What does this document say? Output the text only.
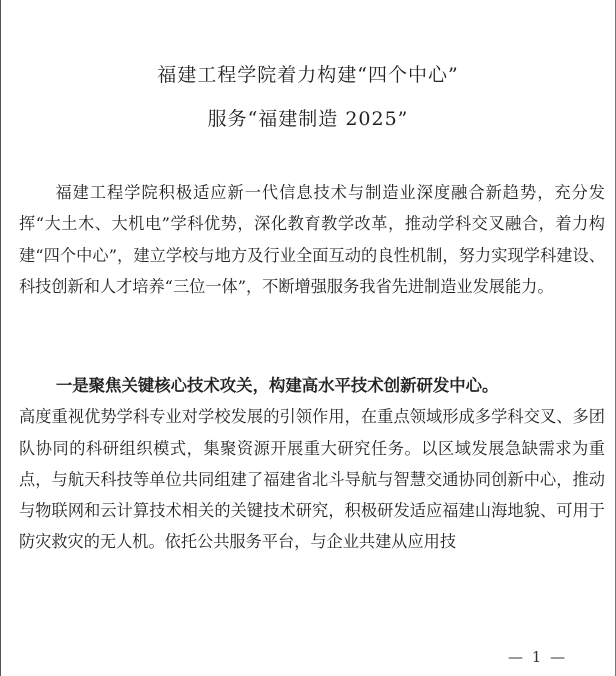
福建工程学院着力构建“四个中心”
服务“福建制造 2025”

福建工程学院积极适应新一代信息技术与制造业深度融合新趋势，充分发挥“大土木、大机电”学科优势，深化教育教学改革，推动学科交叉融合，着力构建“四个中心”，建立学校与地方及行业全面互动的良性机制，努力实现学科建设、科技创新和人才培养“三位一体”，不断增强服务我省先进制造业发展能力。

一是聚焦关键核心技术攻关，构建高水平技术创新研发中心。

高度重视优势学科专业对学校发展的引领作用，在重点领域形成多学科交叉、多团队协同的科研组织模式，集聚资源开展重大研究任务。以区域发展急缺需求为重点，与航天科技等单位共同组建了福建省北斗导航与智慧交通协同创新中心，推动与物联网和云计算技术相关的关键技术研究，积极研发适应福建山海地貌、可用于防灾救灾的无人机。依托公共服务平台，与企业共建从应用技

— 1 —
